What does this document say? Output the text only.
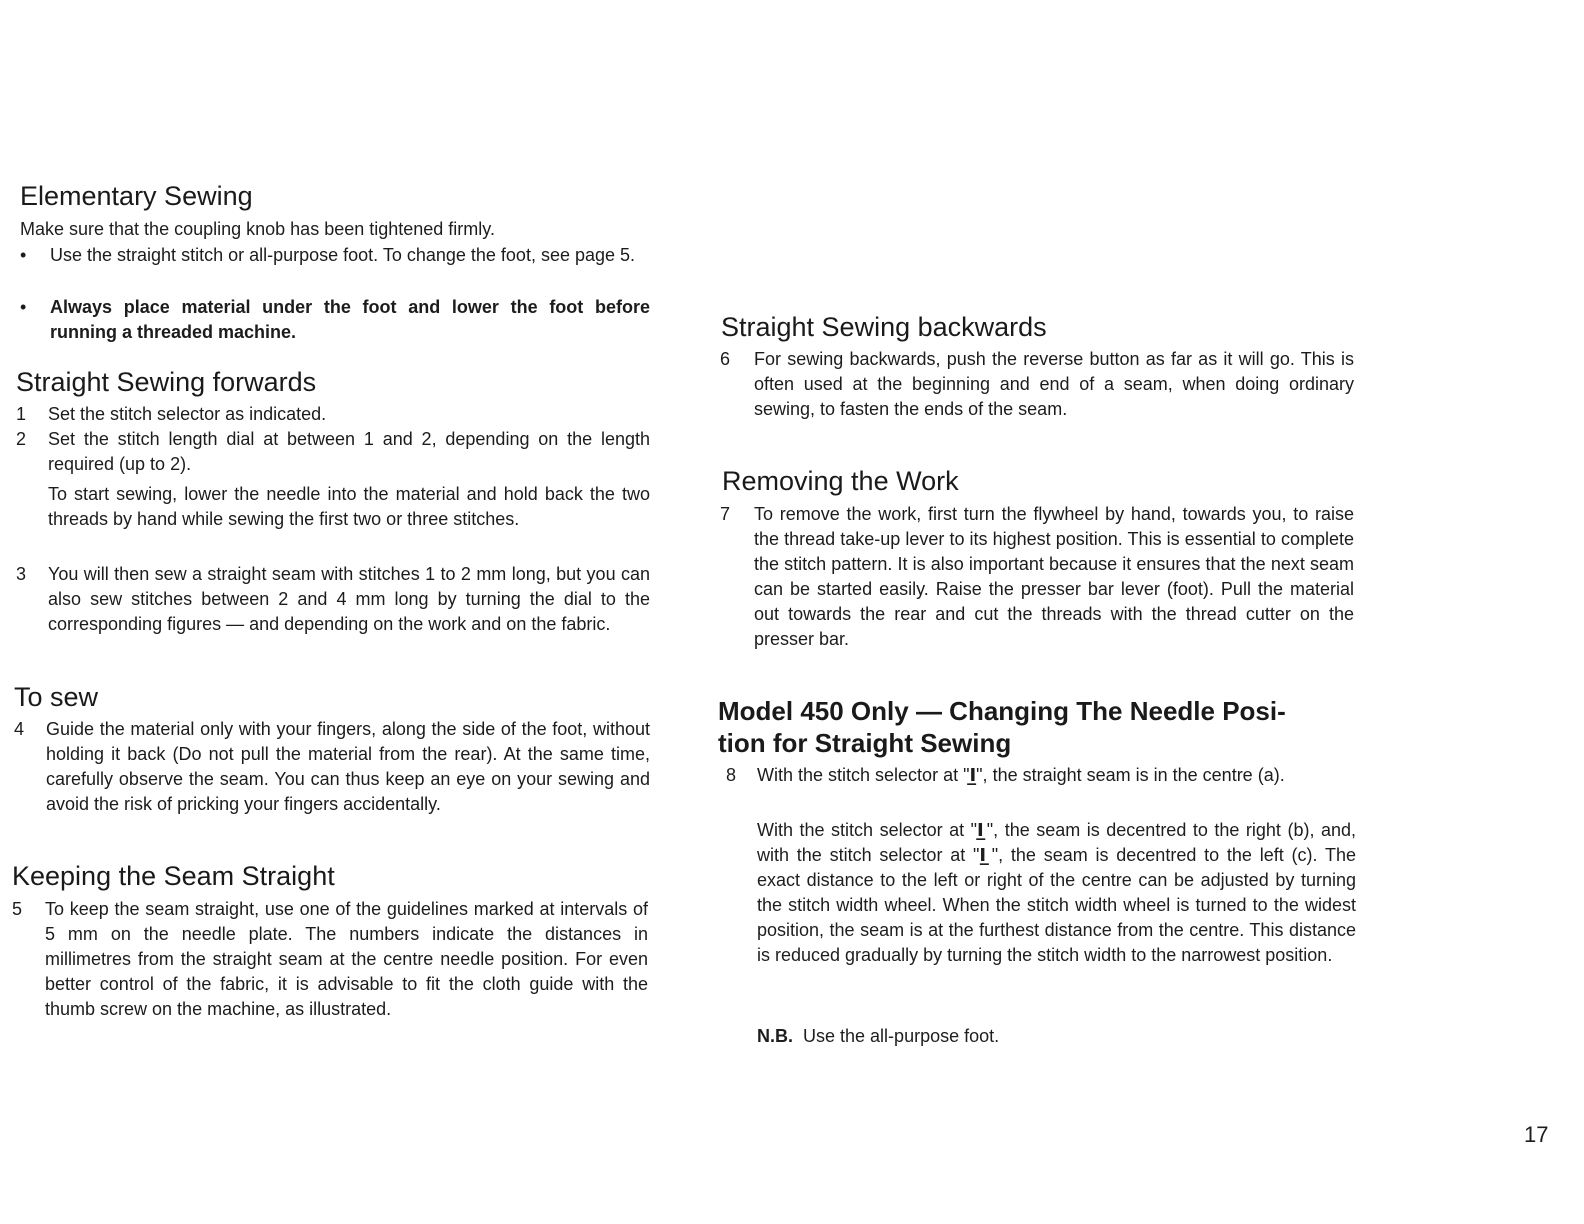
Elementary Sewing

Make sure that the coupling knob has been tightened firmly.

• Use the straight stitch or all-purpose foot. To change the foot, see page 5.

• Always place material under the foot and lower the foot before running a threaded machine.

Straight Sewing forwards
1 Set the stitch selector as indicated.

2 Set the stitch length dial at between 1 and 2, depending on the length required (up to 2).

To start sewing, lower the needle into the material and hold back the two threads by hand while sewing the first two or three stitches.

3 You will then sew a straight seam with stitches 1 to 2 mm long, but you can also sew stitches between 2 and 4 mm long by turning the dial to the corresponding figures — and depending on the work and on the fabric.

To sew
4 Guide the material only with your fingers, along the side of the foot, without holding it back (Do not pull the material from the rear). At the same time, carefully observe the seam. You can thus keep an eye on your sewing and avoid the risk of pricking your fingers accidentally.

Keeping the Seam Straight
5 To keep the seam straight, use one of the guidelines marked at intervals of 5 mm on the needle plate. The numbers indicate the distances in millimetres from the straight seam at the centre needle position. For even better control of the fabric, it is advisable to fit the cloth guide with the thumb screw on the machine, as illustrated.

Straight Sewing backwards
6 For sewing backwards, push the reverse button as far as it will go. This is often used at the beginning and end of a seam, when doing ordinary sewing, to fasten the ends of the seam.

Removing the Work
7 To remove the work, first turn the flywheel by hand, towards you, to raise the thread take-up lever to its highest position. This is essential to complete the stitch pattern. It is also important because it ensures that the next seam can be started easily. Raise the presser bar lever (foot). Pull the material out towards the rear and cut the threads with the thread cutter on the presser bar.

Model 450 Only — Changing The Needle Posi-
tion for Straight Sewing
8 With the stitch selector at "Ⅰ̲", the straight seam is in the centre (a).

With the stitch selector at "Ⅰ̲", the seam is decentred to the right (b), and, with the stitch selector at "Ⅰ̲", the seam is decentred to the left (c). The exact distance to the left or right of the centre can be adjusted by turning the stitch width wheel. When the stitch width wheel is turned to the widest position, the seam is at the furthest distance from the centre. This distance is reduced gradually by turning the stitch width to the narrowest position.

N.B. Use the all-purpose foot.

17
